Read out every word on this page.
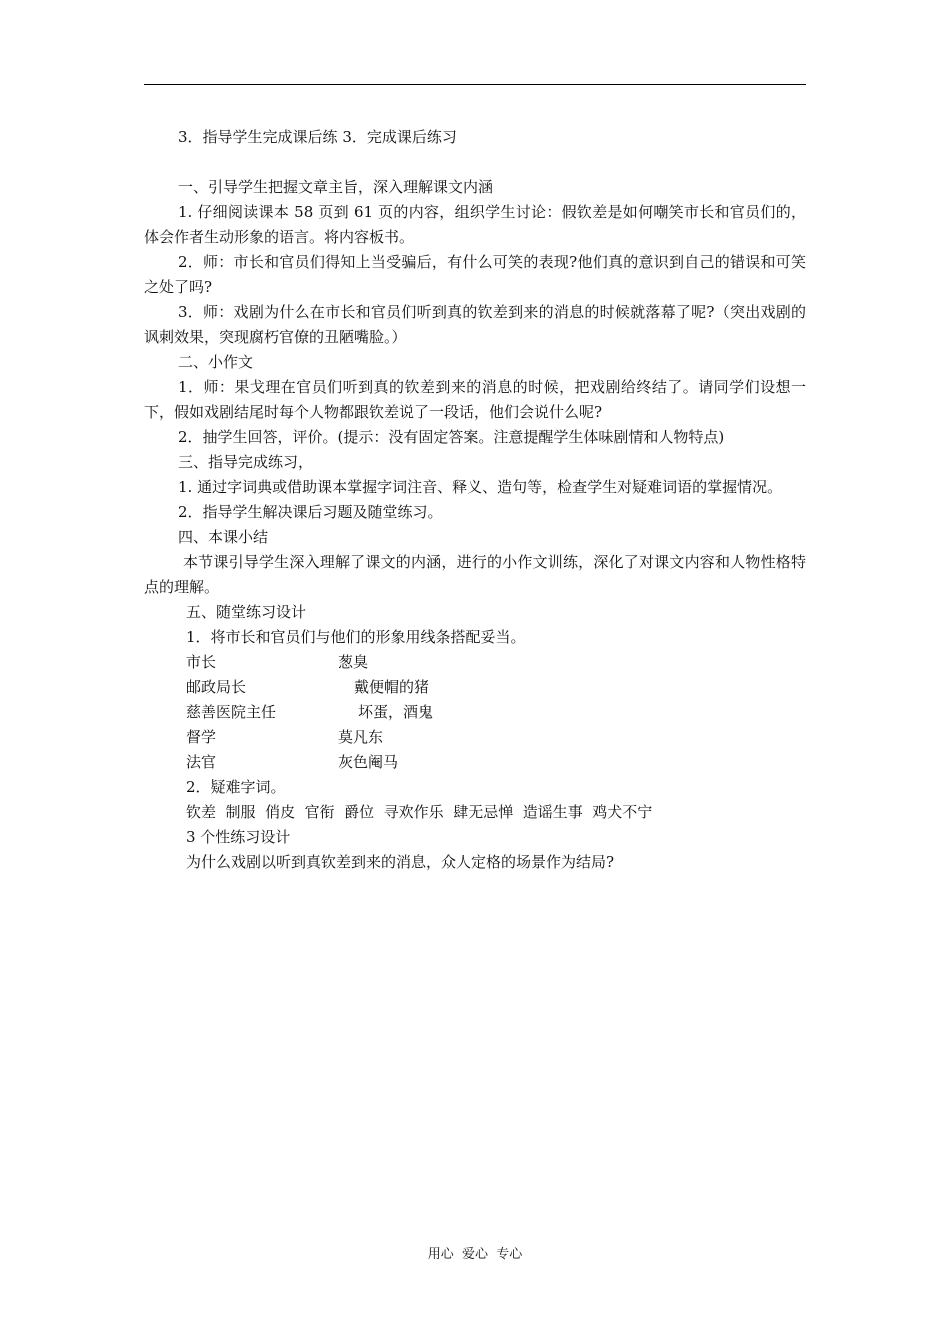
3．指导学生完成课后练 3．完成课后练习

一、引导学生把握文章主旨，深入理解课文内涵

1. 仔细阅读课本 58 页到 61 页的内容，组织学生讨论：假钦差是如何嘲笑市长和官员们的，体会作者生动形象的语言。将内容板书。

2．师：市长和官员们得知上当受骗后，有什么可笑的表现?他们真的意识到自己的错误和可笑之处了吗?

3．师：戏剧为什么在市长和官员们听到真的钦差到来的消息的时候就落幕了呢?（突出戏剧的讽刺效果，突现腐朽官僚的丑陋嘴脸。）

二、小作文

1．师：果戈理在官员们听到真的钦差到来的消息的时候，把戏剧给终结了。请同学们设想一下，假如戏剧结尾时每个人物都跟钦差说了一段话，他们会说什么呢?

2．抽学生回答，评价。(提示：没有固定答案。注意提醒学生体味剧情和人物特点)

三、指导完成练习，

1. 通过字词典或借助课本掌握字词注音、释义、造句等，检查学生对疑难词语的掌握情况。

2．指导学生解决课后习题及随堂练习。

四、本课小结

本节课引导学生深入理解了课文的内涵，进行的小作文训练，深化了对课文内容和人物性格特点的理解。

五、随堂练习设计

1．将市长和官员们与他们的形象用线条搭配妥当。

市长	葱臭
邮政局长	戴便帽的猪
慈善医院主任	坏蛋，酒鬼
督学	莫凡东
法官	灰色阉马

2．疑难字词。

钦差  制服  俏皮  官衔  爵位  寻欢作乐  肆无忌惮  造谣生事  鸡犬不宁

3 个性练习设计

为什么戏剧以听到真钦差到来的消息，众人定格的场景作为结局?

用心  爱心  专心
